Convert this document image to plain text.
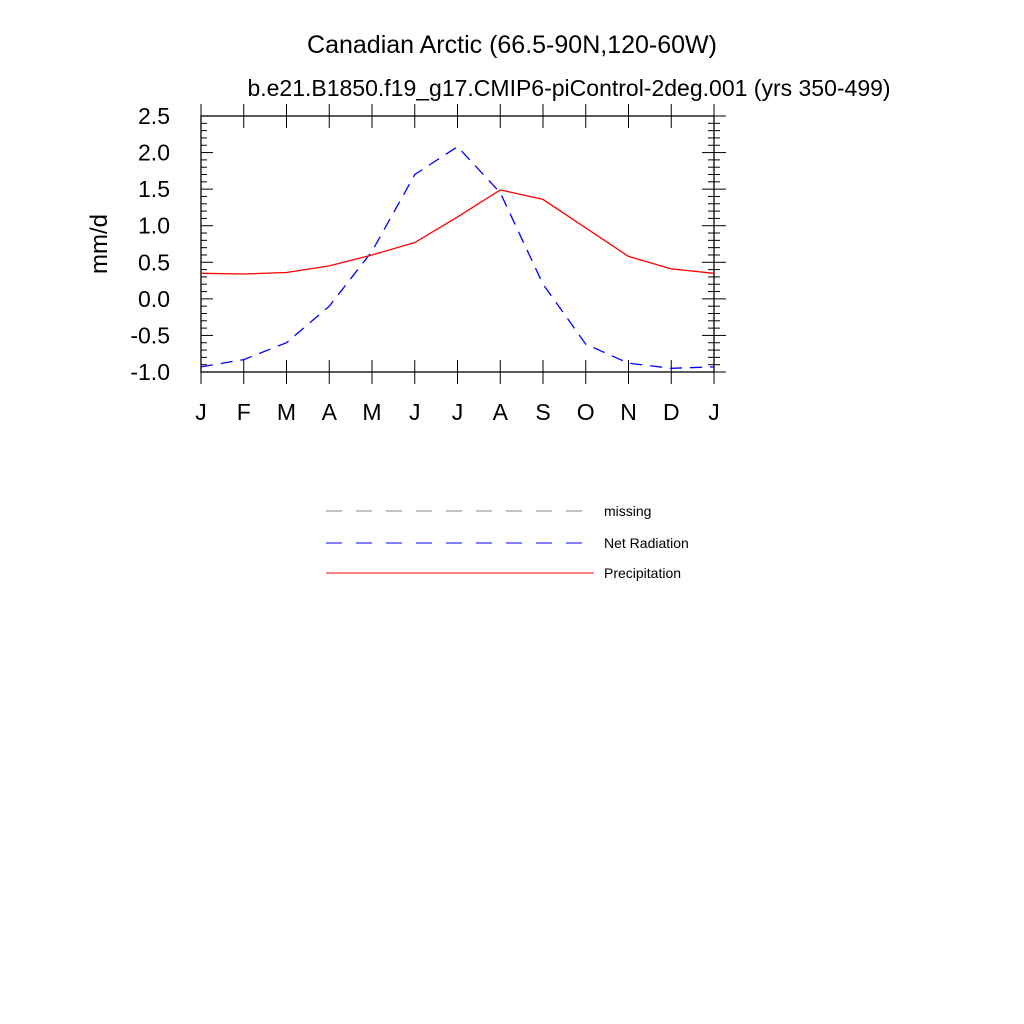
Canadian Arctic (66.5-90N,120-60W)
b.e21.B1850.f19_g17.CMIP6-piControl-2deg.001 (yrs 350-499)
mm/d
J F M A M J J A S O N D J
2.5
2.0
1.5
1.0
0.5
0.0
-0.5
-1.0
missing
Net Radiation
Precipitation
